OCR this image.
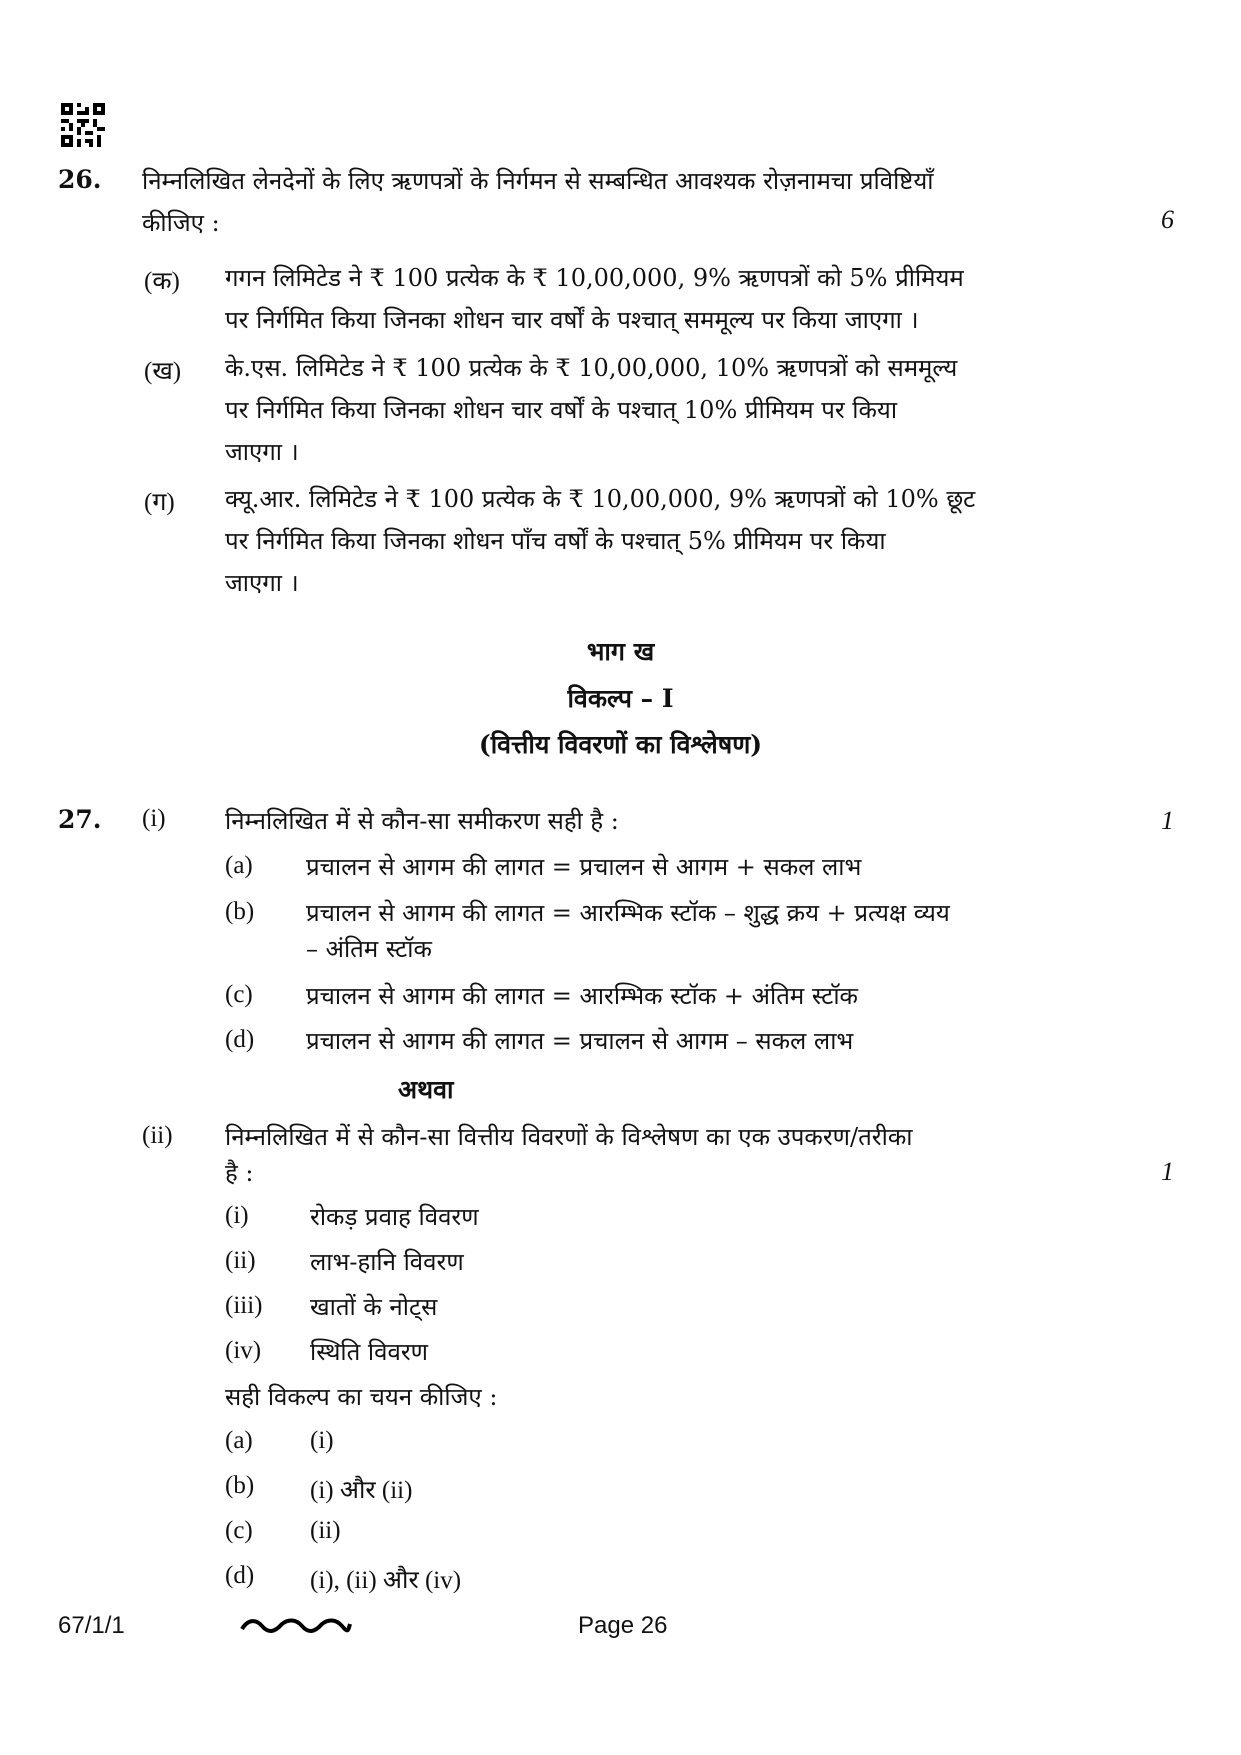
26. निम्नलिखित लेनदेनों के लिए ऋणपत्रों के निर्गमन से सम्बन्धित आवश्यक रोज़नामचा प्रविष्टियाँ
कीजिए :	6
(क) गगन लिमिटेड ने ₹ 100 प्रत्येक के ₹ 10,00,000, 9% ऋणपत्रों को 5% प्रीमियम
पर निर्गमित किया जिनका शोधन चार वर्षों के पश्चात् सममूल्य पर किया जाएगा ।
(ख) के.एस. लिमिटेड ने ₹ 100 प्रत्येक के ₹ 10,00,000, 10% ऋणपत्रों को सममूल्य
पर निर्गमित किया जिनका शोधन चार वर्षों के पश्चात् 10% प्रीमियम पर किया
जाएगा ।
(ग) क्यू.आर. लिमिटेड ने ₹ 100 प्रत्येक के ₹ 10,00,000, 9% ऋणपत्रों को 10% छूट
पर निर्गमित किया जिनका शोधन पाँच वर्षों के पश्चात् 5% प्रीमियम पर किया
जाएगा ।
भाग ख
विकल्प – I
(वित्तीय विवरणों का विश्लेषण)
27. (i) निम्नलिखित में से कौन-सा समीकरण सही है :	1
(a) प्रचालन से आगम की लागत = प्रचालन से आगम + सकल लाभ
(b) प्रचालन से आगम की लागत = आरम्भिक स्टॉक – शुद्ध क्रय + प्रत्यक्ष व्यय
– अंतिम स्टॉक
(c) प्रचालन से आगम की लागत = आरम्भिक स्टॉक + अंतिम स्टॉक
(d) प्रचालन से आगम की लागत = प्रचालन से आगम – सकल लाभ
अथवा
(ii) निम्नलिखित में से कौन-सा वित्तीय विवरणों के विश्लेषण का एक उपकरण/तरीका
है :	1
(i)	रोकड़ प्रवाह विवरण
(ii) लाभ-हानि विवरण
(iii) खातों के नोट्स
(iv) स्थिति विवरण
सही विकल्प का चयन कीजिए :
(a) (i)
(b) (i) और (ii)
(c) (ii)
(d) (i), (ii) और (iv)
67/1/1	Page 26
